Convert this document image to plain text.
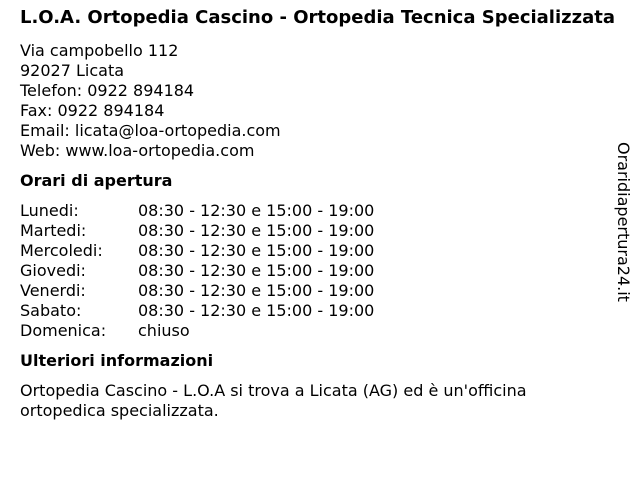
L.O.A. Ortopedia Cascino - Ortopedia Tecnica Specializzata
Via campobello 112
92027 Licata
Telefon: 0922 894184
Fax: 0922 894184
Email: licata@loa-ortopedia.com
Web: www.loa-ortopedia.com
Orari di apertura
Lunedi:	08:30 - 12:30 e 15:00 - 19:00
Martedi:	08:30 - 12:30 e 15:00 - 19:00
Mercoledi:	08:30 - 12:30 e 15:00 - 19:00
Giovedi:	08:30 - 12:30 e 15:00 - 19:00
Venerdi:	08:30 - 12:30 e 15:00 - 19:00
Sabato:	08:30 - 12:30 e 15:00 - 19:00
Domenica:	chiuso
Ulteriori informazioni

Ortopedia Cascino - L.O.A si trova a Licata (AG) ed è un'officina ortopedica specializzata.

Oraridiapertura24.it
